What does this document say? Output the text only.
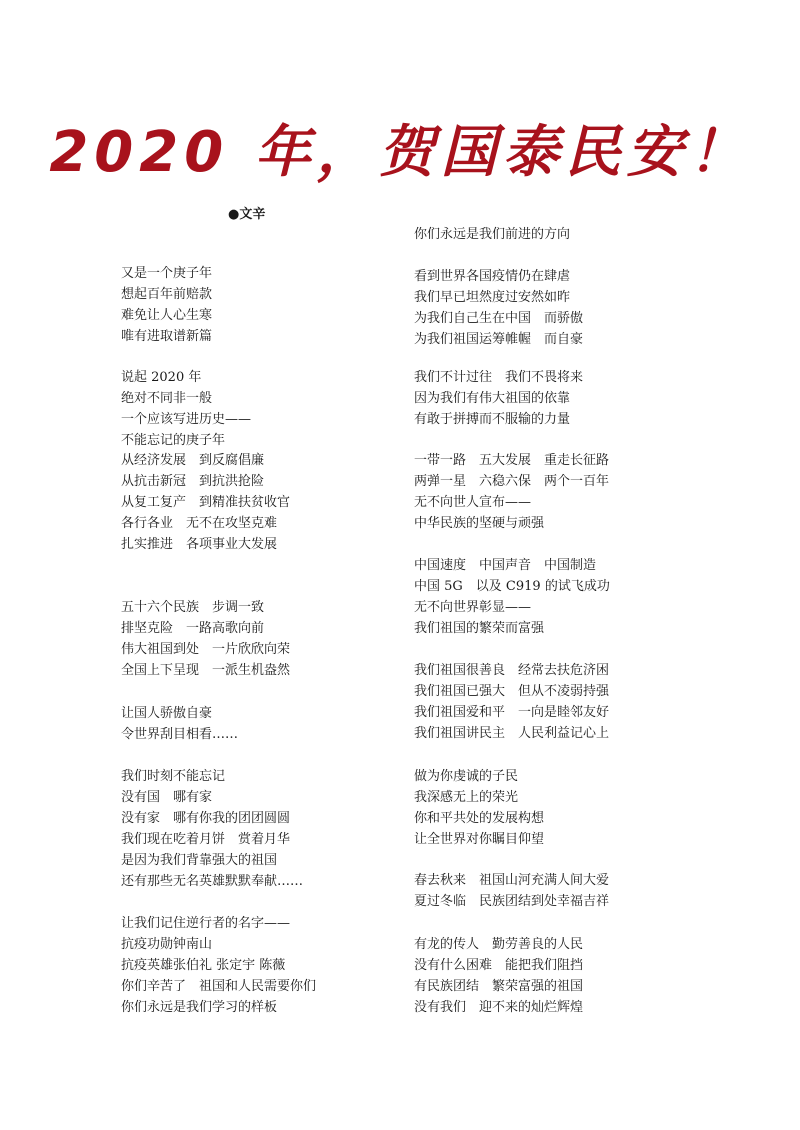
2020 年，贺国泰民安！
●文辛
又是一个庚子年
想起百年前赔款
难免让人心生寒
唯有进取谱新篇
说起 2020 年
绝对不同非一般
一个应该写进历史——
不能忘记的庚子年
从经济发展　到反腐倡廉
从抗击新冠　到抗洪抢险
从复工复产　到精准扶贫收官
各行各业　无不在攻坚克难
扎实推进　各项事业大发展
五十六个民族　步调一致
排坚克险　一路高歌向前
伟大祖国到处　一片欣欣向荣
全国上下呈现　一派生机盎然
让国人骄傲自豪
令世界刮目相看……
我们时刻不能忘记
没有国　哪有家
没有家　哪有你我的团团圆圆
我们现在吃着月饼　赏着月华
是因为我们背靠强大的祖国
还有那些无名英雄默默奉献……
让我们记住逆行者的名字——
抗疫功勋钟南山
抗疫英雄张伯礼 张定宇 陈薇
你们辛苦了　祖国和人民需要你们
你们永远是我们学习的样板
你们永远是我们前进的方向
看到世界各国疫情仍在肆虐
我们早已坦然度过安然如昨
为我们自己生在中国　而骄傲
为我们祖国运筹帷幄　而自豪
我们不计过往　我们不畏将来
因为我们有伟大祖国的依靠
有敢于拼搏而不服输的力量
一带一路　五大发展　重走长征路
两弹一星　六稳六保　两个一百年
无不向世人宣布——
中华民族的坚硬与顽强
中国速度　中国声音　中国制造
中国 5G　以及 C919 的试飞成功
无不向世界彰显——
我们祖国的繁荣而富强
我们祖国很善良　经常去扶危济困
我们祖国已强大　但从不凌弱持强
我们祖国爱和平　一向是睦邻友好
我们祖国讲民主　人民利益记心上
做为你虔诚的子民
我深感无上的荣光
你和平共处的发展构想
让全世界对你瞩目仰望
春去秋来　祖国山河充满人间大爱
夏过冬临　民族团结到处幸福吉祥
有龙的传人　勤劳善良的人民
没有什么困难　能把我们阻挡
有民族团结　繁荣富强的祖国
没有我们　迎不来的灿烂辉煌
